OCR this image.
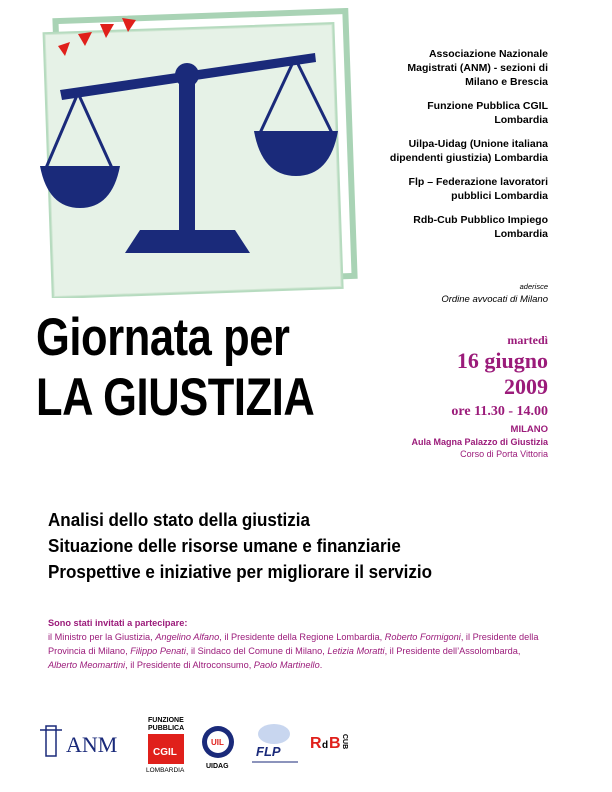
Associazione Nazionale
Magistrati (ANM) - sezioni di
Milano e Brescia
Funzione Pubblica CGIL
Lombardia
Uilpa-Uidag (Unione italiana
dipendenti giustizia) Lombardia
Flp – Federazione lavoratori
pubblici Lombardia
Rdb-Cub Pubblico Impiego
Lombardia
aderisce
Ordine avvocati di Milano
Giornata per
LA GIUSTIZIA
martedì
16 giugno
2009
ore 11.30 - 14.00
MILANO
Aula Magna Palazzo di Giustizia
Corso di Porta Vittoria
Analisi dello stato della giustizia
Situazione delle risorse umane e finanziarie
Prospettive e iniziative per migliorare il servizio
Sono stati invitati a partecipare:
il Ministro per la Giustizia, Angelino Alfano, il Presidente della Regione Lombardia, Roberto Formigoni, il Presidente della Provincia di Milano, Filippo Penati, il Sindaco del Comune di Milano, Letizia Moratti, il Presidente dell’Assolombarda, Alberto Meomartini, il Presidente di Altroconsumo, Paolo Martinello.
ANM
FUNZIONE
PUBBLICA
CGIL
LOMBARDIA
UIL
UIDAG
FLP R d B CUB
